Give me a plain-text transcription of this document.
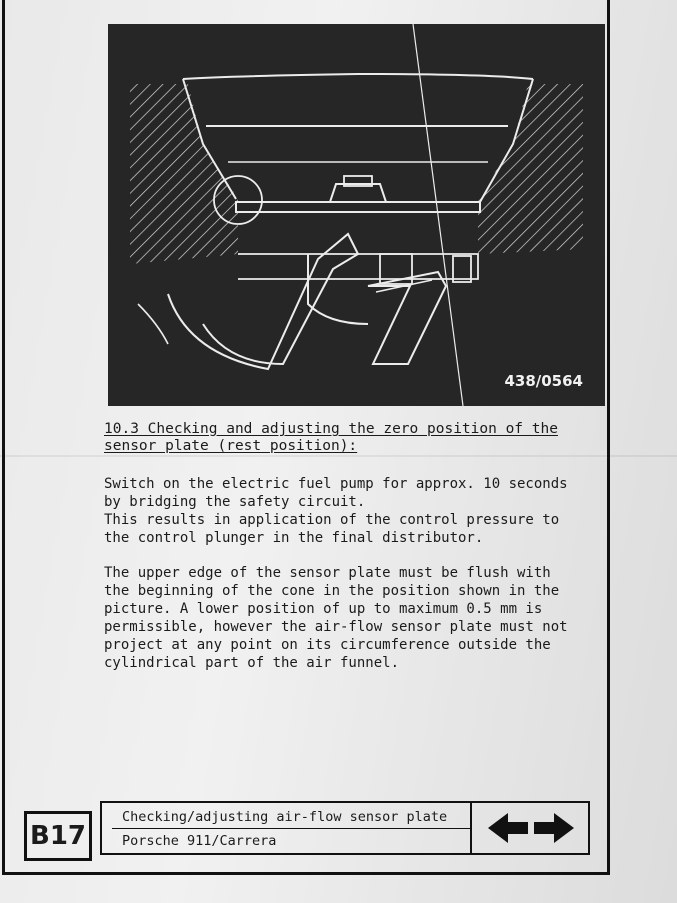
438/0564
10.3 Checking and adjusting the zero position of the
sensor plate (rest position):

Switch on the electric fuel pump for approx. 10 seconds
by bridging the safety circuit.
This results in application of the control pressure to
the control plunger in the final distributor.

The upper edge of the sensor plate must be flush with
the beginning of the cone in the position shown in the
picture. A lower position of up to maximum 0.5 mm is
permissible, however the air-flow sensor plate must not
project at any point on its circumference outside the
cylindrical part of the air funnel.

B17
Checking/adjusting air-flow sensor plate
Porsche 911/Carrera
